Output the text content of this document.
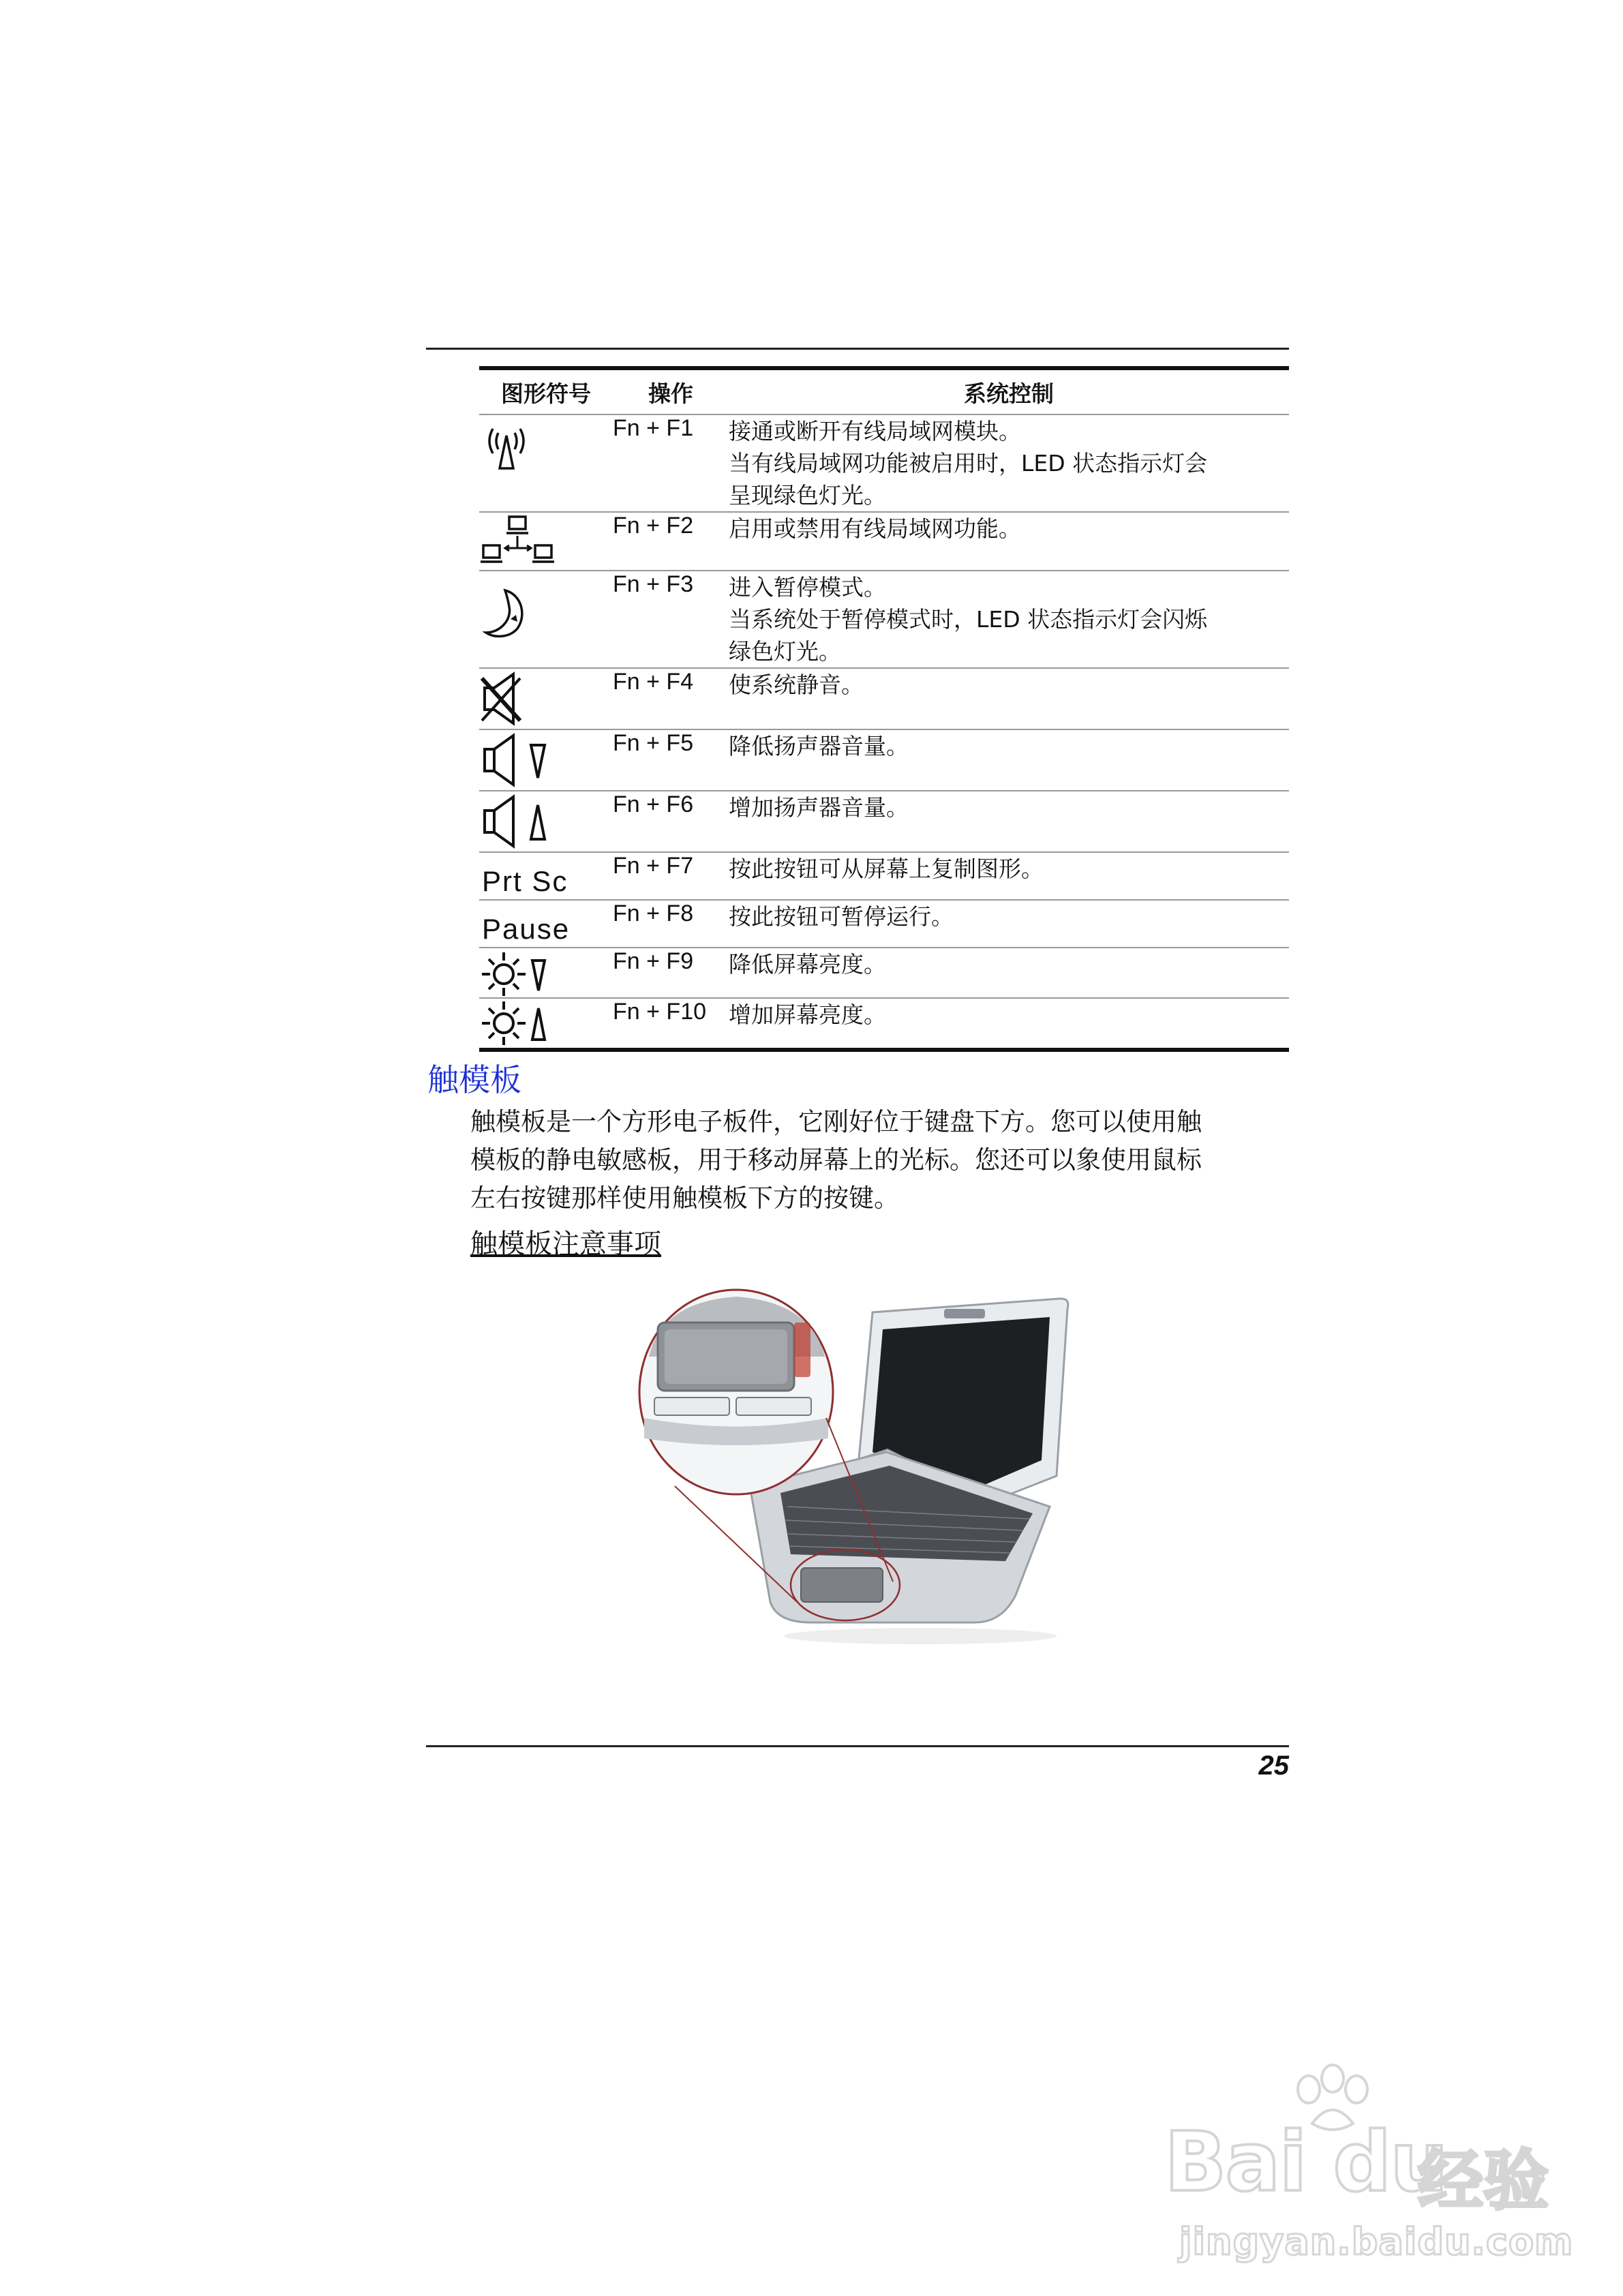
图形符号	操作	系统控制

	Fn + F1	接通或断开有线局域网模块。
当有线局域网功能被启用时，LED 状态指示灯会
呈现绿色灯光。

	Fn + F2	启用或禁用有线局域网功能。

	Fn + F3	进入暂停模式。
当系统处于暂停模式时，LED 状态指示灯会闪烁
绿色灯光。

	Fn + F4	使系统静音。

	Fn + F5	降低扬声器音量。

	Fn + F6	增加扬声器音量。

Prt Sc	Fn + F7	按此按钮可从屏幕上复制图形。

Pause	Fn + F8	按此按钮可暂停运行。

	Fn + F9	降低屏幕亮度。

	Fn + F10	增加屏幕亮度。
触模板
触模板是一个方形电子板件，它刚好位于键盘下方。您可以使用触
模板的静电敏感板，用于移动屏幕上的光标。您还可以象使用鼠标
左右按键那样使用触模板下方的按键。
触模板注意事项
25
Bai du
经验
jingyan.baidu.com
